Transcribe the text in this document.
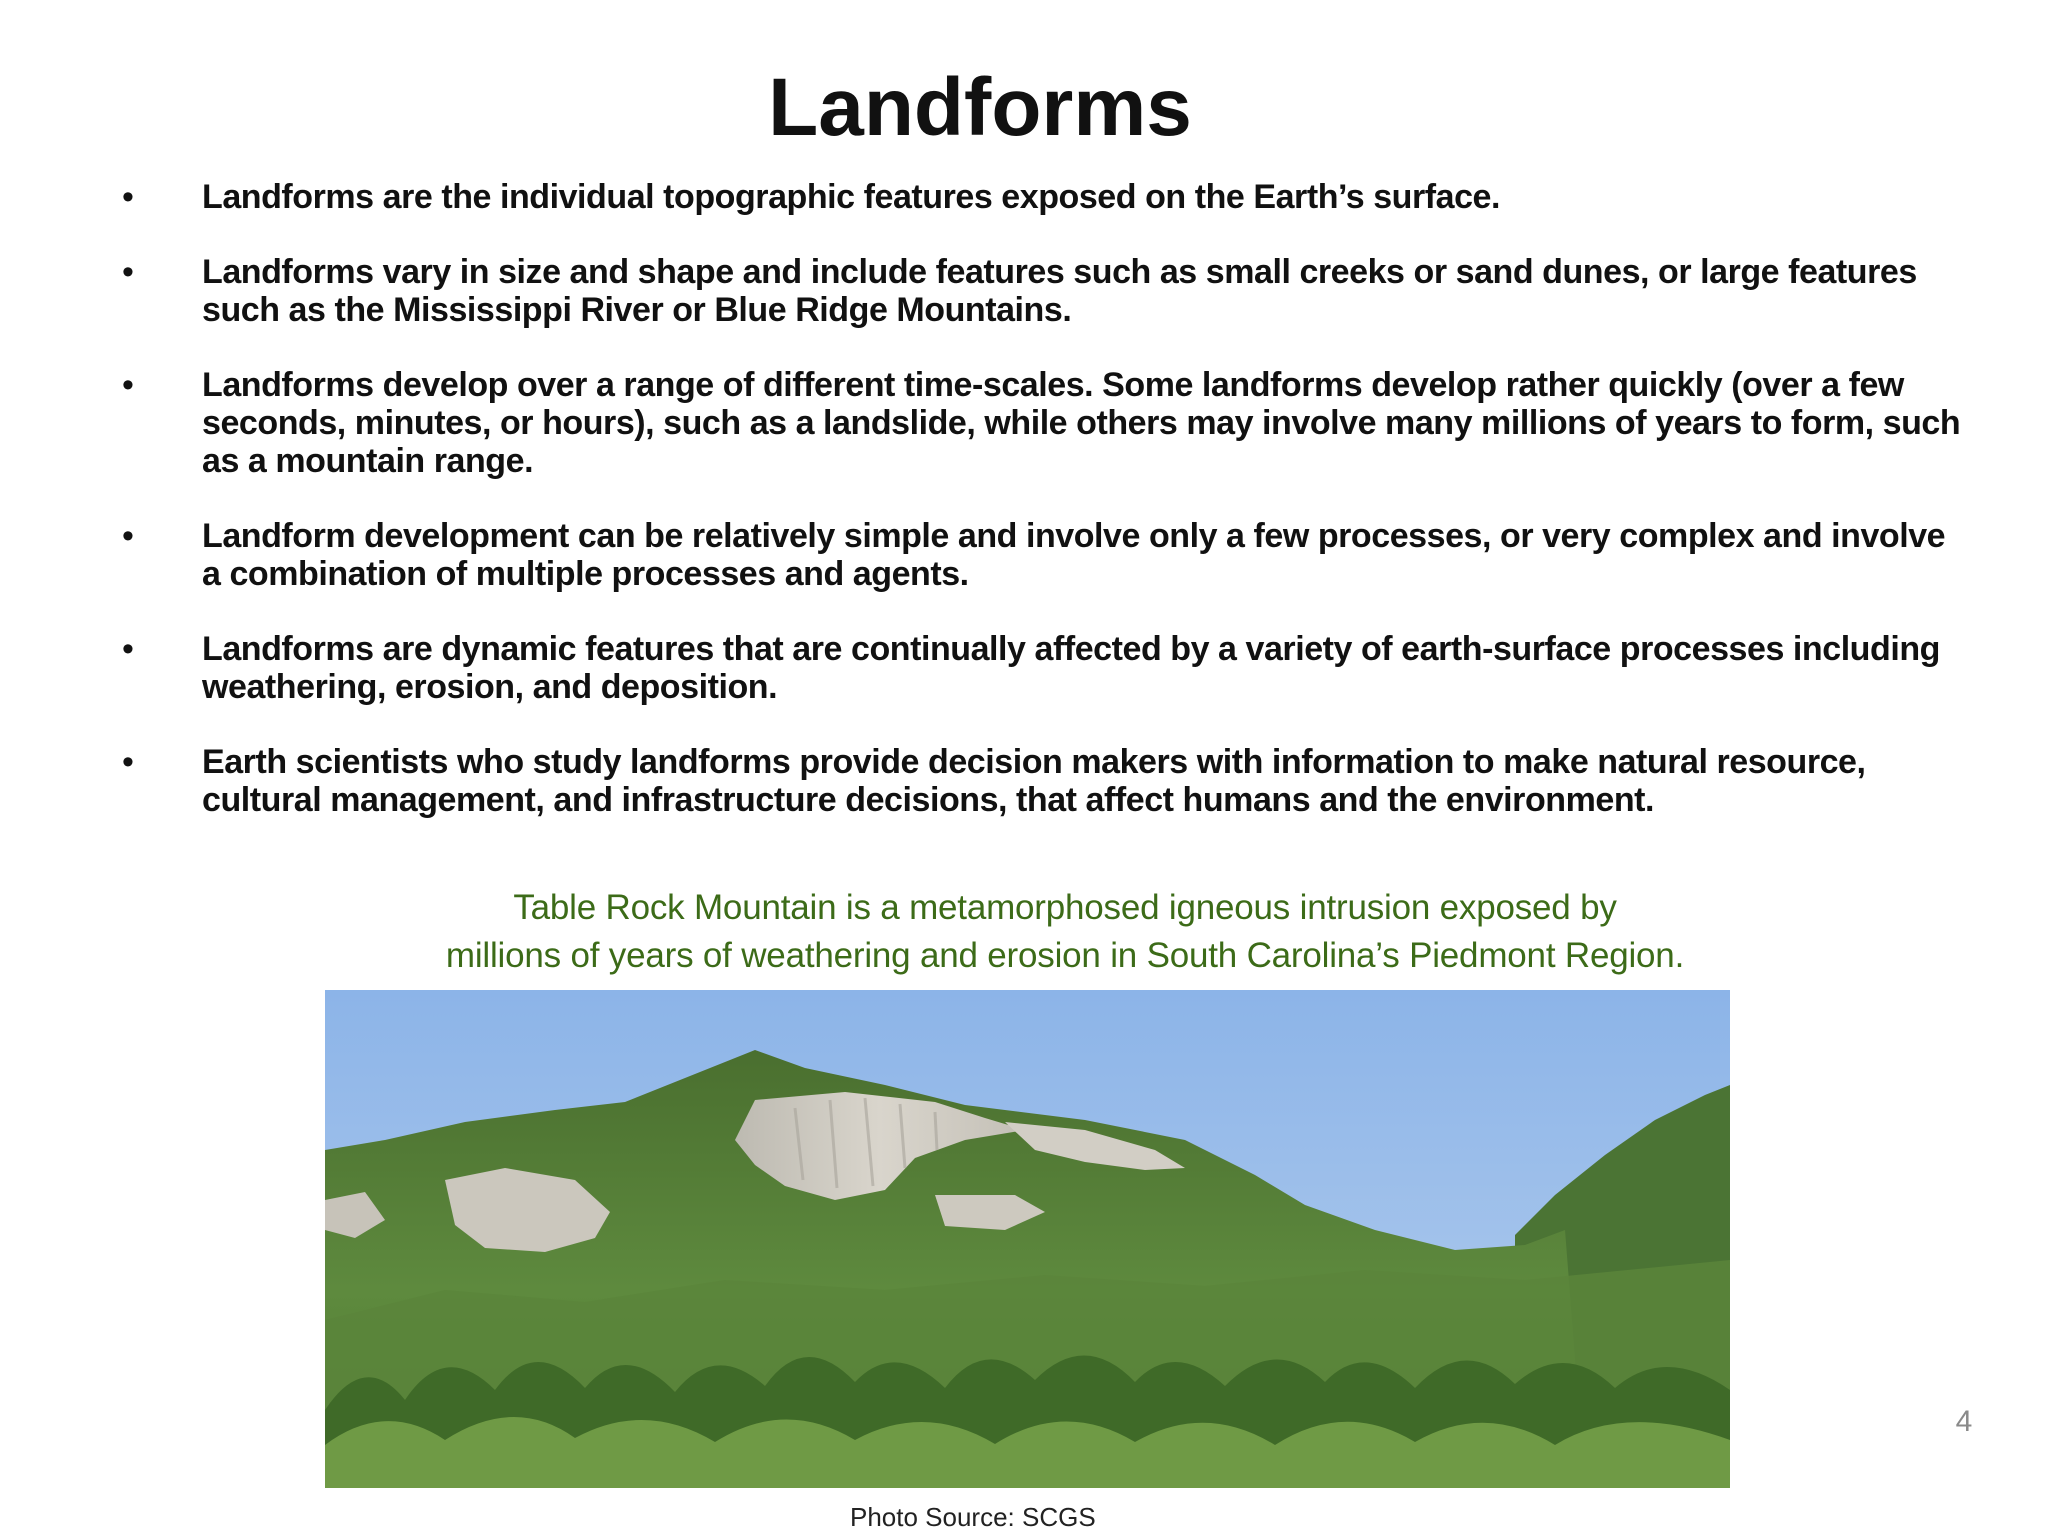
Landforms
• Landforms are the individual topographic features exposed on the Earth’s surface.
• Landforms vary in size and shape and include features such as small creeks or sand dunes, or large features such as the Mississippi River or Blue Ridge Mountains.
• Landforms develop over a range of different time-scales. Some landforms develop rather quickly (over a few seconds, minutes, or hours), such as a landslide, while others may involve many millions of years to form, such as a mountain range.
• Landform development can be relatively simple and involve only a few processes, or very complex and involve a combination of multiple processes and agents.
• Landforms are dynamic features that are continually affected by a variety of earth-surface processes including weathering, erosion, and deposition.
• Earth scientists who study landforms provide decision makers with information to make natural resource, cultural management, and infrastructure decisions, that affect humans and the environment.
Table Rock Mountain is a metamorphosed igneous intrusion exposed by
millions of years of weathering and erosion in South Carolina’s Piedmont Region.
Photo Source: SCGS
4
